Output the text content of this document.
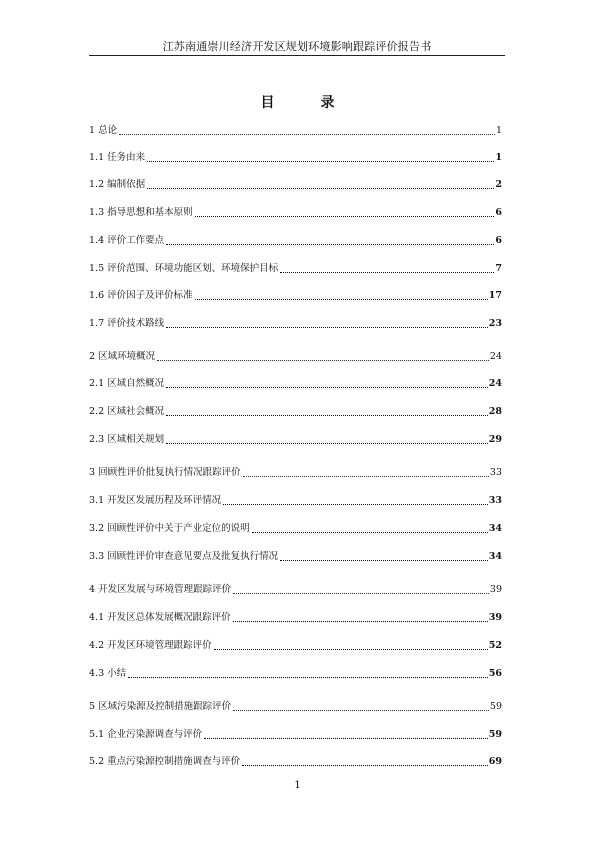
江苏南通崇川经济开发区规划环境影响跟踪评价报告书
目录
1 总论	1
1.1 任务由来	1
1.2 编制依据	2
1.3 指导思想和基本原则	6
1.4 评价工作要点	6
1.5 评价范围、环境功能区划、环境保护目标	7
1.6 评价因子及评价标准	17
1.7 评价技术路线	23
2 区域环境概况	24
2.1 区域自然概况	24
2.2 区域社会概况	28
2.3 区域相关规划	29
3 回顾性评价批复执行情况跟踪评价	33
3.1 开发区发展历程及环评情况	33
3.2 回顾性评价中关于产业定位的说明	34
3.3 回顾性评价审查意见要点及批复执行情况	34
4 开发区发展与环境管理跟踪评价	39
4.1 开发区总体发展概况跟踪评价	39
4.2 开发区环境管理跟踪评价	52
4.3 小结	56
5 区域污染源及控制措施跟踪评价	59
5.1 企业污染源调查与评价	59
5.2 重点污染源控制措施调查与评价	69
1
